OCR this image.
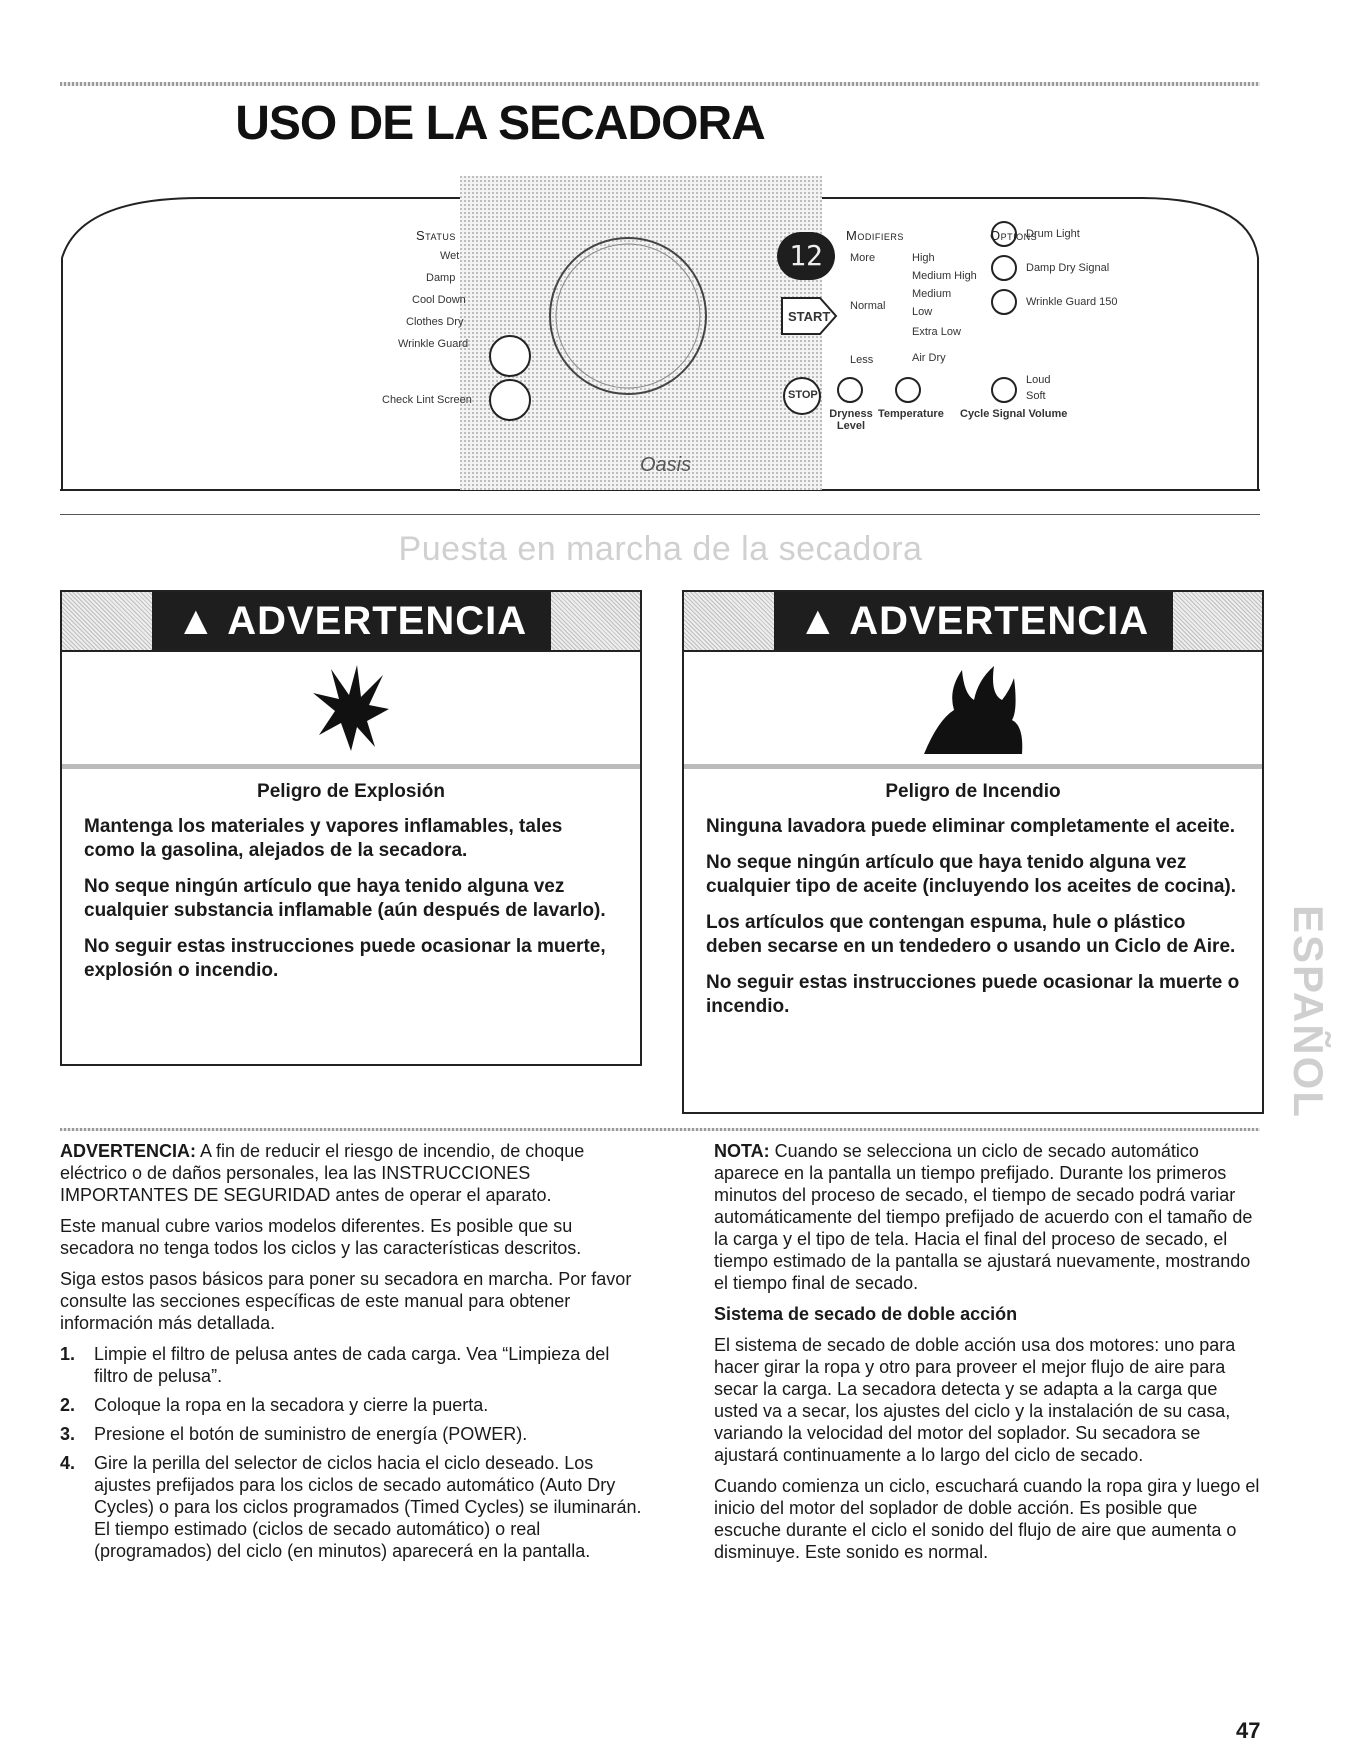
USO DE LA SECADORA
Status
Wet
Damp
Cool Down
Clothes Dry
Wrinkle Guard
Check Lint Screen
12
START
STOP
Oasis
Modifiers
More
Normal
Less
High
Medium High
Medium
Low
Extra Low
Air Dry
Dryness Level
Temperature
Options
Drum Light
Damp Dry Signal
Wrinkle Guard 150
Loud
Soft
Cycle Signal Volume
Puesta en marcha de la secadora
▲ ADVERTENCIA
Peligro de Explosión

Mantenga los materiales y vapores inflamables, tales como la gasolina, alejados de la secadora.

No seque ningún artículo que haya tenido alguna vez cualquier substancia inflamable (aún después de lavarlo).

No seguir estas instrucciones puede ocasionar la muerte, explosión o incendio.

▲ ADVERTENCIA
Peligro de Incendio

Ninguna lavadora puede eliminar completamente el aceite.

No seque ningún artículo que haya tenido alguna vez cualquier tipo de aceite (incluyendo los aceites de cocina).

Los artículos que contengan espuma, hule o plástico deben secarse en un tendedero o usando un Ciclo de Aire.

No seguir estas instrucciones puede ocasionar la muerte o incendio.

ADVERTENCIA: A fin de reducir el riesgo de incendio, de choque eléctrico o de daños personales, lea las INSTRUCCIONES IMPORTANTES DE SEGURIDAD antes de operar el aparato.

Este manual cubre varios modelos diferentes. Es posible que su secadora no tenga todos los ciclos y las características descritos.

Siga estos pasos básicos para poner su secadora en marcha. Por favor consulte las secciones específicas de este manual para obtener información más detallada.

1. Limpie el filtro de pelusa antes de cada carga. Vea “Limpieza del filtro de pelusa”.
2. Coloque la ropa en la secadora y cierre la puerta.
3. Presione el botón de suministro de energía (POWER).
4. Gire la perilla del selector de ciclos hacia el ciclo deseado. Los ajustes prefijados para los ciclos de secado automático (Auto Dry Cycles) o para los ciclos programados (Timed Cycles) se iluminarán. El tiempo estimado (ciclos de secado automático) o real (programados) del ciclo (en minutos) aparecerá en la pantalla.

NOTA: Cuando se selecciona un ciclo de secado automático aparece en la pantalla un tiempo prefijado. Durante los primeros minutos del proceso de secado, el tiempo de secado podrá variar automáticamente del tiempo prefijado de acuerdo con el tamaño de la carga y el tipo de tela. Hacia el final del proceso de secado, el tiempo estimado de la pantalla se ajustará nuevamente, mostrando el tiempo final de secado.

Sistema de secado de doble acción

El sistema de secado de doble acción usa dos motores: uno para hacer girar la ropa y otro para proveer el mejor flujo de aire para secar la carga. La secadora detecta y se adapta a la carga que usted va a secar, los ajustes del ciclo y la instalación de su casa, variando la velocidad del motor del soplador. Su secadora se ajustará continuamente a lo largo del ciclo de secado.

Cuando comienza un ciclo, escuchará cuando la ropa gira y luego el inicio del motor del soplador de doble acción. Es posible que escuche durante el ciclo el sonido del flujo de aire que aumenta o disminuye. Este sonido es normal.

ESPAÑOL
47
